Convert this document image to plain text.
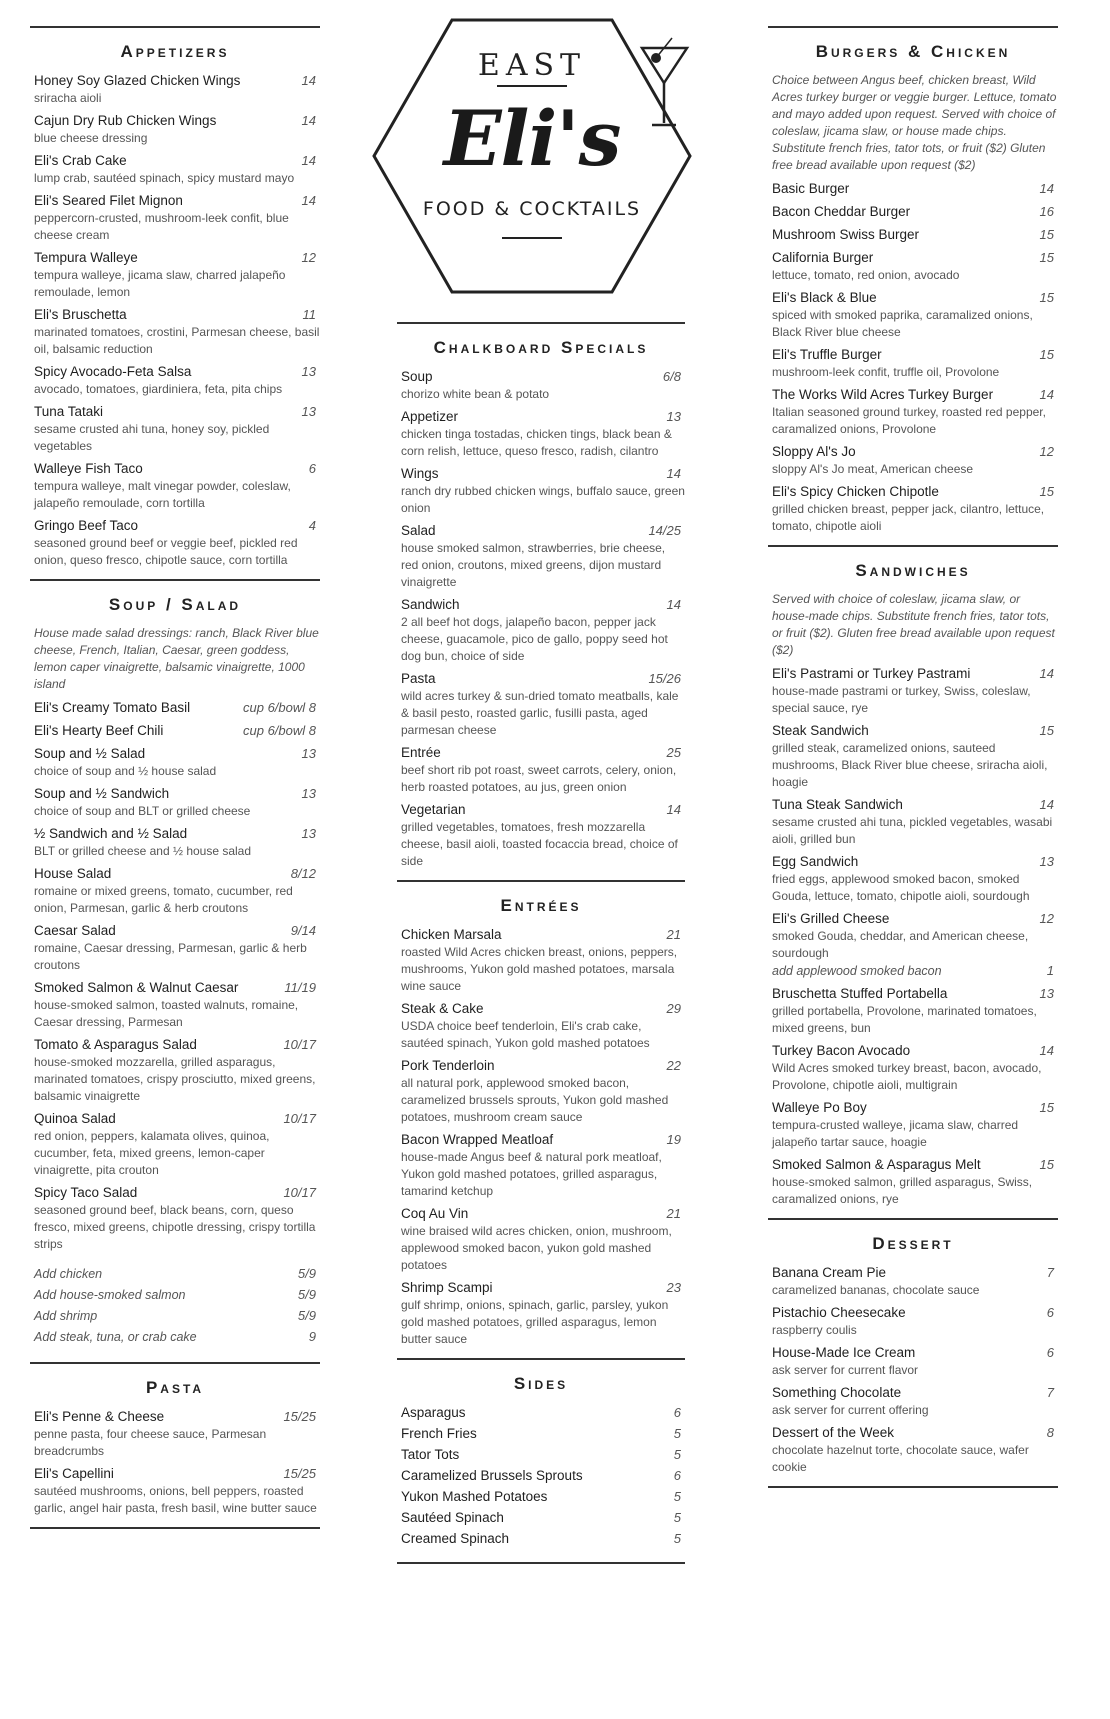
Appetizers
Honey Soy Glazed Chicken Wings	14
sriracha aioli
Cajun Dry Rub Chicken Wings	14
blue cheese dressing
Eli's Crab Cake	14
lump crab, sautéed spinach, spicy mustard mayo
Eli's Seared Filet Mignon	14
peppercorn-crusted, mushroom-leek confit, blue cheese cream
Tempura Walleye	12
tempura walleye, jicama slaw, charred jalapeño remoulade, lemon
Eli's Bruschetta	11
marinated tomatoes, crostini, Parmesan cheese, basil oil, balsamic reduction
Spicy Avocado-Feta Salsa	13
avocado, tomatoes, giardiniera, feta, pita chips
Tuna Tataki	13
sesame crusted ahi tuna, honey soy, pickled vegetables
Walleye Fish Taco	6
tempura walleye, malt vinegar powder, coleslaw, jalapeño remoulade, corn tortilla
Gringo Beef Taco	4
seasoned ground beef or veggie beef, pickled red onion, queso fresco, chipotle sauce, corn tortilla
Soup / Salad
House made salad dressings: ranch, Black River blue cheese, French, Italian, Caesar, green goddess, lemon caper vinaigrette, balsamic vinaigrette, 1000 island
Eli's Creamy Tomato Basil	cup 6/bowl 8
Eli's Hearty Beef Chili	cup 6/bowl 8
Soup and ½ Salad	13
choice of soup and ½ house salad
Soup and ½ Sandwich	13
choice of soup and BLT or grilled cheese
½ Sandwich and ½ Salad	13
BLT or grilled cheese and ½ house salad
House Salad	8/12
romaine or mixed greens, tomato, cucumber, red onion, Parmesan, garlic & herb croutons
Caesar Salad	9/14
romaine, Caesar dressing, Parmesan, garlic & herb croutons
Smoked Salmon & Walnut Caesar	11/19
house-smoked salmon, toasted walnuts, romaine, Caesar dressing, Parmesan
Tomato & Asparagus Salad	10/17
house-smoked mozzarella, grilled asparagus, marinated tomatoes, crispy prosciutto, mixed greens, balsamic vinaigrette
Quinoa Salad	10/17
red onion, peppers, kalamata olives, quinoa, cucumber, feta, mixed greens, lemon-caper vinaigrette, pita crouton
Spicy Taco Salad	10/17
seasoned ground beef, black beans, corn, queso fresco, mixed greens, chipotle dressing, crispy tortilla strips
Add chicken	5/9
Add house-smoked salmon	5/9
Add shrimp	5/9
Add steak, tuna, or crab cake	9
Pasta
Eli's Penne & Cheese	15/25
penne pasta, four cheese sauce, Parmesan breadcrumbs
Eli's Capellini	15/25
sautéed mushrooms, onions, bell peppers, roasted garlic, angel hair pasta, fresh basil, wine butter sauce
EAST
Eli's
FOOD & COCKTAILS
Chalkboard Specials
Soup	6/8
chorizo white bean & potato
Appetizer	13
chicken tinga tostadas, chicken tings, black bean & corn relish, lettuce, queso fresco, radish, cilantro
Wings	14
ranch dry rubbed chicken wings, buffalo sauce, green onion
Salad	14/25
house smoked salmon, strawberries, brie cheese, red onion, croutons, mixed greens, dijon mustard vinaigrette
Sandwich	14
2 all beef hot dogs, jalapeño bacon, pepper jack cheese, guacamole, pico de gallo, poppy seed hot dog bun, choice of side
Pasta	15/26
wild acres turkey & sun-dried tomato meatballs, kale & basil pesto, roasted garlic, fusilli pasta, aged parmesan cheese
Entrée	25
beef short rib pot roast, sweet carrots, celery, onion, herb roasted potatoes, au jus, green onion
Vegetarian	14
grilled vegetables, tomatoes, fresh mozzarella cheese, basil aioli, toasted focaccia bread, choice of side
Entrées
Chicken Marsala	21
roasted Wild Acres chicken breast, onions, peppers, mushrooms, Yukon gold mashed potatoes, marsala wine sauce
Steak & Cake	29
USDA choice beef tenderloin, Eli's crab cake, sautéed spinach, Yukon gold mashed potatoes
Pork Tenderloin	22
all natural pork, applewood smoked bacon, caramelized brussels sprouts, Yukon gold mashed potatoes, mushroom cream sauce
Bacon Wrapped Meatloaf	19
house-made Angus beef & natural pork meatloaf, Yukon gold mashed potatoes, grilled asparagus, tamarind ketchup
Coq Au Vin	21
wine braised wild acres chicken, onion, mushroom, applewood smoked bacon, yukon gold mashed potatoes
Shrimp Scampi	23
gulf shrimp, onions, spinach, garlic, parsley, yukon gold mashed potatoes, grilled asparagus, lemon butter sauce
Sides
Asparagus	6
French Fries	5
Tator Tots	5
Caramelized Brussels Sprouts	6
Yukon Mashed Potatoes	5
Sautéed Spinach	5
Creamed Spinach	5
Burgers & Chicken
Choice between Angus beef, chicken breast, Wild Acres turkey burger or veggie burger. Lettuce, tomato and mayo added upon request. Served with choice of coleslaw, jicama slaw, or house made chips. Substitute french fries, tator tots, or fruit ($2) Gluten free bread available upon request ($2)
Basic Burger	14
Bacon Cheddar Burger	16
Mushroom Swiss Burger	15
California Burger	15
lettuce, tomato, red onion, avocado
Eli's Black & Blue	15
spiced with smoked paprika, caramalized onions, Black River blue cheese
Eli's Truffle Burger	15
mushroom-leek confit, truffle oil, Provolone
The Works Wild Acres Turkey Burger	14
Italian seasoned ground turkey, roasted red pepper, caramalized onions, Provolone
Sloppy Al's Jo	12
sloppy Al's Jo meat, American cheese
Eli's Spicy Chicken Chipotle	15
grilled chicken breast, pepper jack, cilantro, lettuce, tomato, chipotle aioli
Sandwiches
Served with choice of coleslaw, jicama slaw, or house-made chips. Substitute french fries, tator tots, or fruit ($2). Gluten free bread available upon request ($2)
Eli's Pastrami or Turkey Pastrami	14
house-made pastrami or turkey, Swiss, coleslaw, special sauce, rye
Steak Sandwich	15
grilled steak, caramelized onions, sauteed mushrooms, Black River blue cheese, sriracha aioli, hoagie
Tuna Steak Sandwich	14
sesame crusted ahi tuna, pickled vegetables, wasabi aioli, grilled bun
Egg Sandwich	13
fried eggs, applewood smoked bacon, smoked Gouda, lettuce, tomato, chipotle aioli, sourdough
Eli's Grilled Cheese	12
smoked Gouda, cheddar, and American cheese, sourdough
add applewood smoked bacon	1
Bruschetta Stuffed Portabella	13
grilled portabella, Provolone, marinated tomatoes, mixed greens, bun
Turkey Bacon Avocado	14
Wild Acres smoked turkey breast, bacon, avocado, Provolone, chipotle aioli, multigrain
Walleye Po Boy	15
tempura-crusted walleye, jicama slaw, charred jalapeño tartar sauce, hoagie
Smoked Salmon & Asparagus Melt	15
house-smoked salmon, grilled asparagus, Swiss, caramalized onions, rye
Dessert
Banana Cream Pie	7
caramelized bananas, chocolate sauce
Pistachio Cheesecake	6
raspberry coulis
House-Made Ice Cream	6
ask server for current flavor
Something Chocolate	7
ask server for current offering
Dessert of the Week	8
chocolate hazelnut torte, chocolate sauce, wafer cookie
